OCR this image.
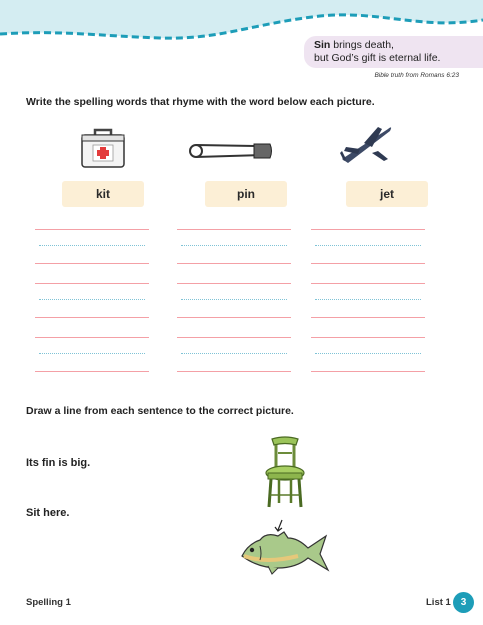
Sin brings death,
but God’s gift is eternal life.
Bible truth from Romans 6:23
Write the spelling words that rhyme with the word below each picture.
kit	pin	jet
Draw a line from each sentence to the correct picture.
Its fin is big.
Sit here.
Spelling 1	List 1 3
